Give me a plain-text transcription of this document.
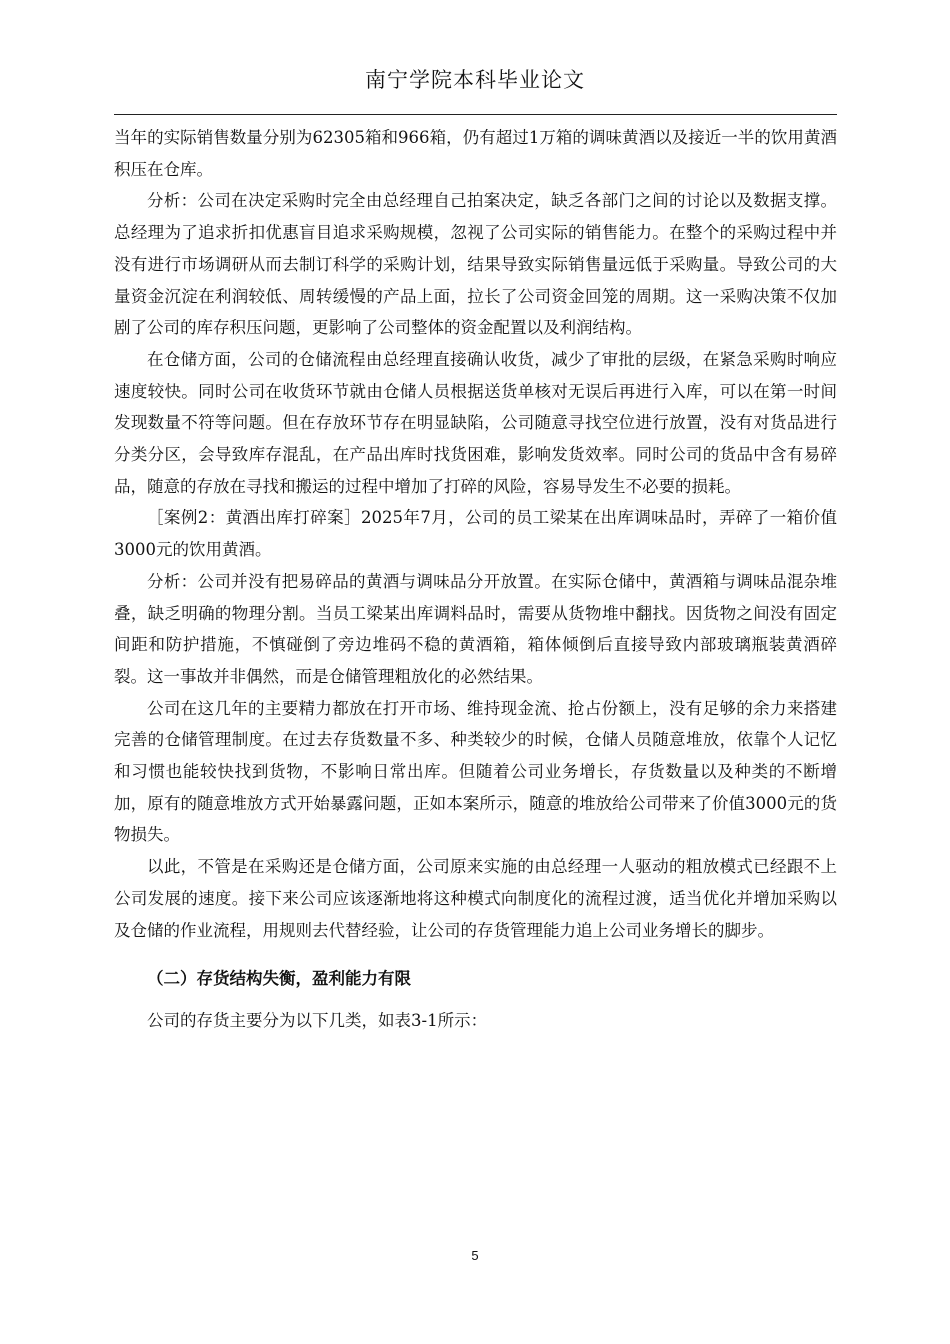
南宁学院本科毕业论文

当年的实际销售数量分别为62305箱和966箱，仍有超过1万箱的调味黄酒以及接近一半的饮用黄酒积压在仓库。

分析：公司在决定采购时完全由总经理自己拍案决定，缺乏各部门之间的讨论以及数据支撑。总经理为了追求折扣优惠盲目追求采购规模，忽视了公司实际的销售能力。在整个的采购过程中并没有进行市场调研从而去制订科学的采购计划，结果导致实际销售量远低于采购量。导致公司的大量资金沉淀在利润较低、周转缓慢的产品上面，拉长了公司资金回笼的周期。这一采购决策不仅加剧了公司的库存积压问题，更影响了公司整体的资金配置以及利润结构。

在仓储方面，公司的仓储流程由总经理直接确认收货，减少了审批的层级，在紧急采购时响应速度较快。同时公司在收货环节就由仓储人员根据送货单核对无误后再进行入库，可以在第一时间发现数量不符等问题。但在存放环节存在明显缺陷，公司随意寻找空位进行放置，没有对货品进行分类分区，会导致库存混乱，在产品出库时找货困难，影响发货效率。同时公司的货品中含有易碎品，随意的存放在寻找和搬运的过程中增加了打碎的风险，容易导发生不必要的损耗。

［案例2：黄酒出库打碎案］2025年7月，公司的员工梁某在出库调味品时，弄碎了一箱价值3000元的饮用黄酒。

分析：公司并没有把易碎品的黄酒与调味品分开放置。在实际仓储中，黄酒箱与调味品混杂堆叠，缺乏明确的物理分割。当员工梁某出库调料品时，需要从货物堆中翻找。因货物之间没有固定间距和防护措施，不慎碰倒了旁边堆码不稳的黄酒箱，箱体倾倒后直接导致内部玻璃瓶装黄酒碎裂。这一事故并非偶然，而是仓储管理粗放化的必然结果。

公司在这几年的主要精力都放在打开市场、维持现金流、抢占份额上，没有足够的余力来搭建完善的仓储管理制度。在过去存货数量不多、种类较少的时候，仓储人员随意堆放，依靠个人记忆和习惯也能较快找到货物，不影响日常出库。但随着公司业务增长，存货数量以及种类的不断增加，原有的随意堆放方式开始暴露问题，正如本案所示，随意的堆放给公司带来了价值3000元的货物损失。

以此，不管是在采购还是仓储方面，公司原来实施的由总经理一人驱动的粗放模式已经跟不上公司发展的速度。接下来公司应该逐渐地将这种模式向制度化的流程过渡，适当优化并增加采购以及仓储的作业流程，用规则去代替经验，让公司的存货管理能力追上公司业务增长的脚步。

（二）存货结构失衡，盈利能力有限

公司的存货主要分为以下几类，如表3-1所示：

5
